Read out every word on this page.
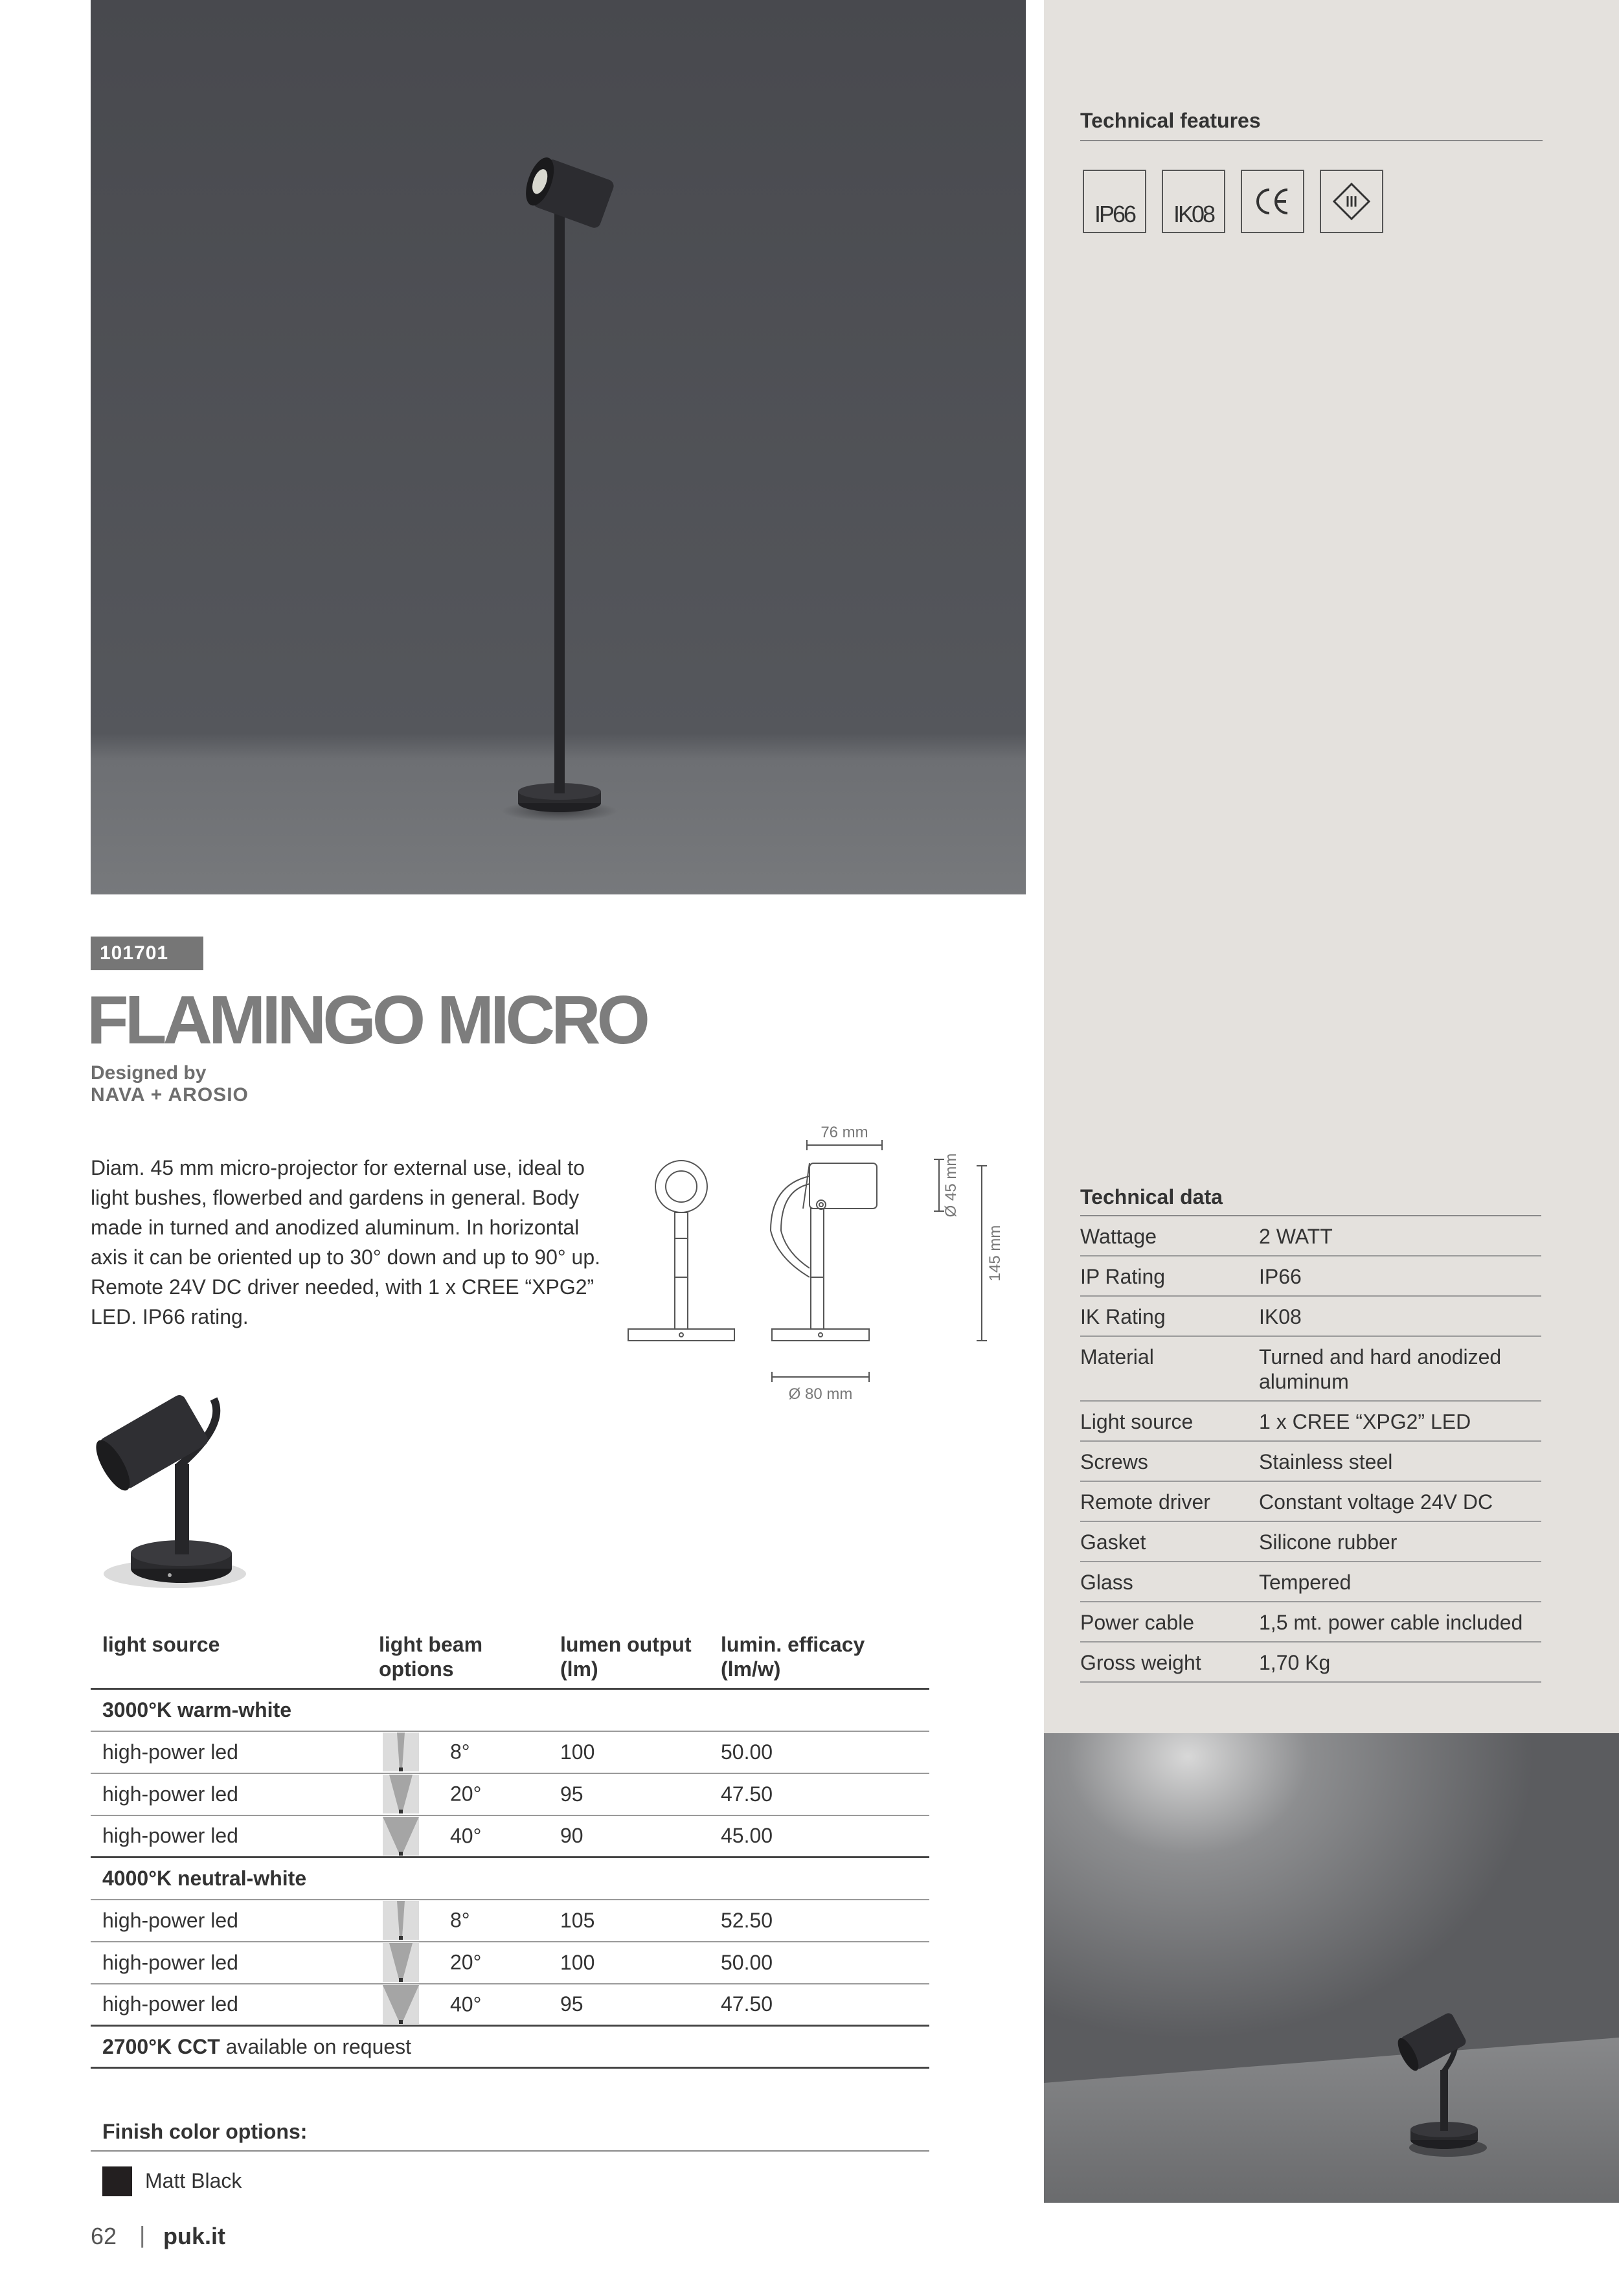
101701
FLAMINGO MICRO
Designed by
NAVA + AROSIO
Diam. 45 mm micro-projector for external use, ideal to light bushes, flowerbed and gardens in general. Body made in turned and anodized aluminum. In horizontal axis it can be oriented up to 30° down and up to 90° up. Remote 24V DC driver needed, with 1 x CREE “XPG2” LED. IP66 rating.
76 mm
Ø 45 mm
145 mm
Ø 80 mm
light source	light beam options	lumen output (lm)	lumin. efficacy (lm/w)
3000°K warm-white			
high-power led	8°	100	50.00
high-power led	20°	95	47.50
high-power led	40°	90	45.00
4000°K neutral-white			
high-power led	8°	105	52.50
high-power led	20°	100	50.00
high-power led	40°	95	47.50
2700°K CCT available on request			
Finish color options:
Matt Black
62 | puk.it
Technical features
IP66	IK08
Technical data
Wattage	2 WATT
IP Rating	IP66
IK Rating	IK08
Material	Turned and hard anodized aluminum
Light source	1 x CREE “XPG2” LED
Screws	Stainless steel
Remote driver	Constant voltage 24V DC
Gasket	Silicone rubber
Glass	Tempered
Power cable	1,5 mt. power cable included
Gross weight	1,70 Kg
